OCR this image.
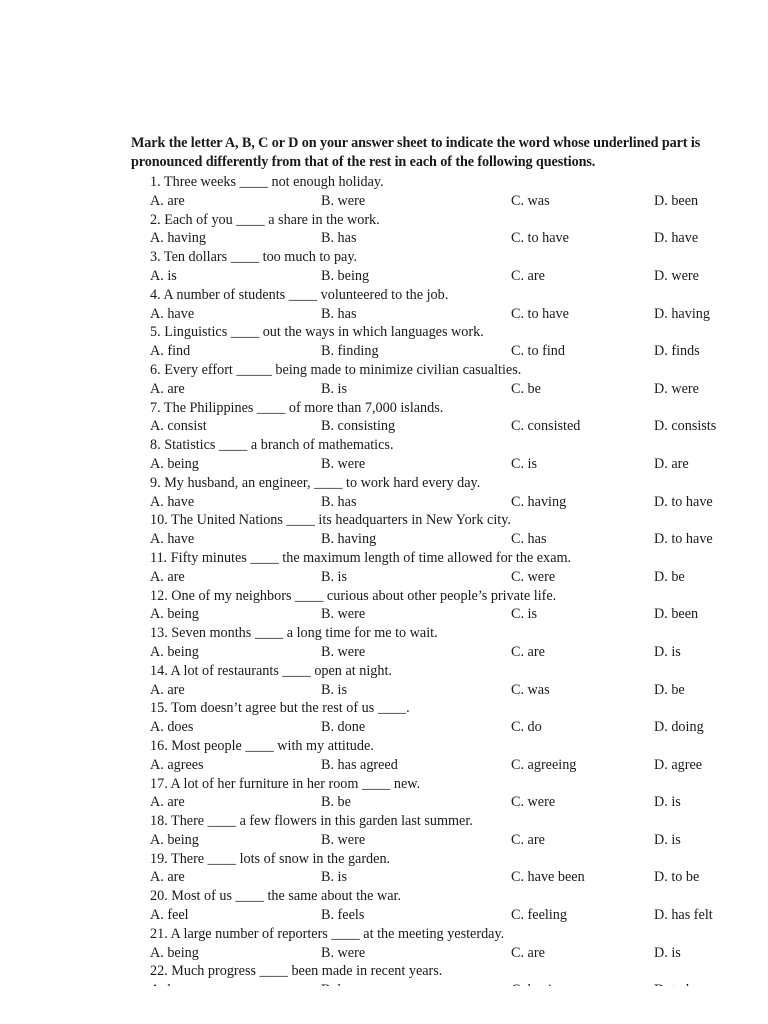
Mark the letter A, B, C or D on your answer sheet to indicate the word whose underlined part is pronounced differently from that of the rest in each of the following questions.
1. Three weeks ____ not enough holiday.
A. are	B. were	C. was	D. been
2. Each of you ____ a share in the work.
A. having	B. has	C. to have	D. have
3. Ten dollars ____ too much to pay.
A. is	B. being	C. are	D. were
4. A number of students ____ volunteered to the job.
A. have	B. has	C. to have	D. having
5. Linguistics ____ out the ways in which languages work.
A. find	B. finding	C. to find	D. finds
6. Every effort _____ being made to minimize civilian casualties.
A. are	B. is	C. be	D. were
7. The Philippines ____ of more than 7,000 islands.
A. consist	B. consisting	C. consisted	D. consists
8. Statistics ____ a branch of mathematics.
A. being	B. were	C. is	D. are
9. My husband, an engineer, ____ to work hard every day.
A. have	B. has	C. having	D. to have
10. The United Nations ____ its headquarters in New York city.
A. have	B. having	C. has	D. to have
11. Fifty minutes ____ the maximum length of time allowed for the exam.
A. are	B. is	C. were	D. be
12. One of my neighbors ____ curious about other people’s private life.
A. being	B. were	C. is	D. been
13. Seven months ____ a long time for me to wait.
A. being	B. were	C. are	D. is
14. A lot of restaurants ____ open at night.
A. are	B. is	C. was	D. be
15. Tom doesn’t agree but the rest of us ____.
A. does	B. done	C. do	D. doing
16. Most people ____ with my attitude.
A. agrees	B. has agreed	C. agreeing	D. agree
17. A lot of her furniture in her room ____ new.
A. are	B. be	C. were	D. is
18. There ____ a few flowers in this garden last summer.
A. being	B. were	C. are	D. is
19. There ____ lots of snow in the garden.
A. are	B. is	C. have been	D. to be
20. Most of us ____ the same about the war.
A. feel	B. feels	C. feeling	D. has felt
21. A large number of reporters ____ at the meeting yesterday.
A. being	B. were	C. are	D. is
22. Much progress ____ been made in recent years.
